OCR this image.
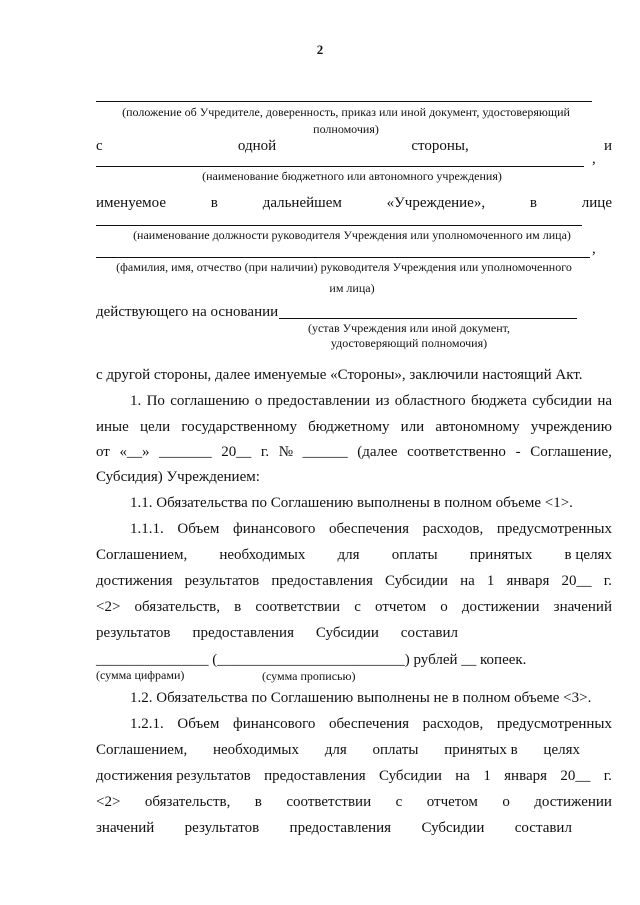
2
(положение об Учредителе, доверенность, приказ или иной документ, удостоверяющий полномочия)
с	одной	стороны,	и
,
(наименование бюджетного или автономного учреждения)
именуемое	в	дальнейшем	«Учреждение»,	в	лице
(наименование должности руководителя Учреждения или уполномоченного им лица)
,
(фамилия, имя, отчество (при наличии) руководителя Учреждения или уполномоченного
им лица)
действующего на основании
(устав Учреждения или иной документ,
удостоверяющий полномочия)
с другой стороны, далее именуемые «Стороны», заключили настоящий Акт.
1. По соглашению о предоставлении из областного бюджета субсидии на
иные цели государственному бюджетному или автономному учреждению
от «__» _______ 20__ г. № ______ (далее соответственно - Соглашение,
Субсидия) Учреждением:
1.1. Обязательства по Соглашению выполнены в полном объеме <1>.
1.1.1. Объем финансового обеспечения расходов, предусмотренных
Соглашением, необходимых для оплаты принятых в целях
достижения результатов предоставления Субсидии на 1 января 20__ г.
<2> обязательств, в соответствии с отчетом о достижении значений
результатов предоставления Субсидии составил
_______________ (_________________________) рублей __ копеек.
(сумма цифрами)	(сумма прописью)
1.2. Обязательства по Соглашению выполнены не в полном объеме <3>.
1.2.1. Объем финансового обеспечения расходов, предусмотренных
Соглашением, необходимых для оплаты принятых в целях
достижения результатов предоставления Субсидии на 1 января 20__ г.
<2> обязательств, в соответствии с отчетом о достижении
значений результатов предоставления Субсидии составил
